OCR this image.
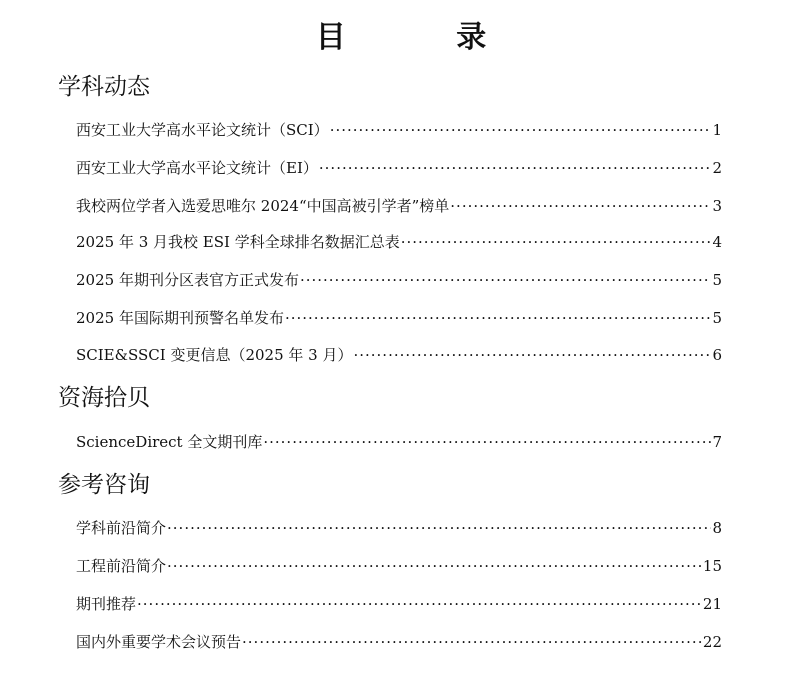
目 录
学科动态
西安工业大学高水平论文统计（SCI） ·····	1
西安工业大学高水平论文统计（EI） ·····	2
我校两位学者入选爱思唯尔 2024“中国高被引学者”榜单 ·····	3
2025 年 3 月我校 ESI 学科全球排名数据汇总表 ·····	4
2025 年期刊分区表官方正式发布 ·····	5
2025 年国际期刊预警名单发布 ·····	5
SCIE&SSCI 变更信息（2025 年 3 月） ·····	6
资海拾贝
ScienceDirect 全文期刊库 ·····	7
参考咨询
学科前沿简介 ·····	8
工程前沿简介 ·····	15
期刊推荐 ·····	21
国内外重要学术会议预告 ·····	22
